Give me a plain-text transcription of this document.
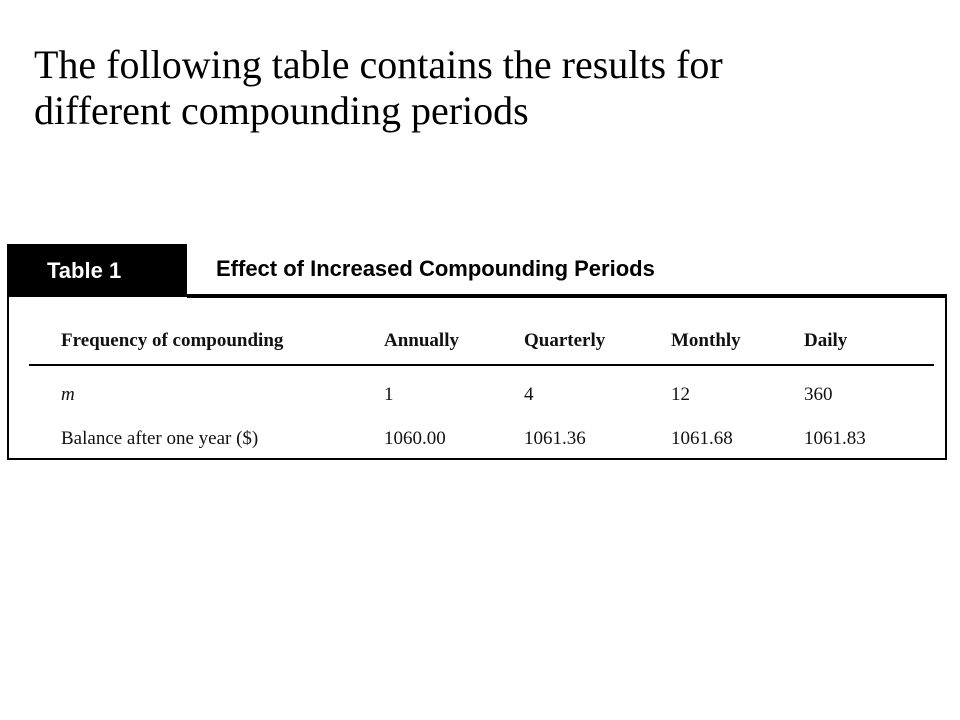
The following table contains the results for
different compounding periods
Table 1	Effect of Increased Compounding Periods
Frequency of compounding	Annually	Quarterly	Monthly	Daily
m	1	4	12	360
Balance after one year ($)	1060.00	1061.36	1061.68	1061.83
